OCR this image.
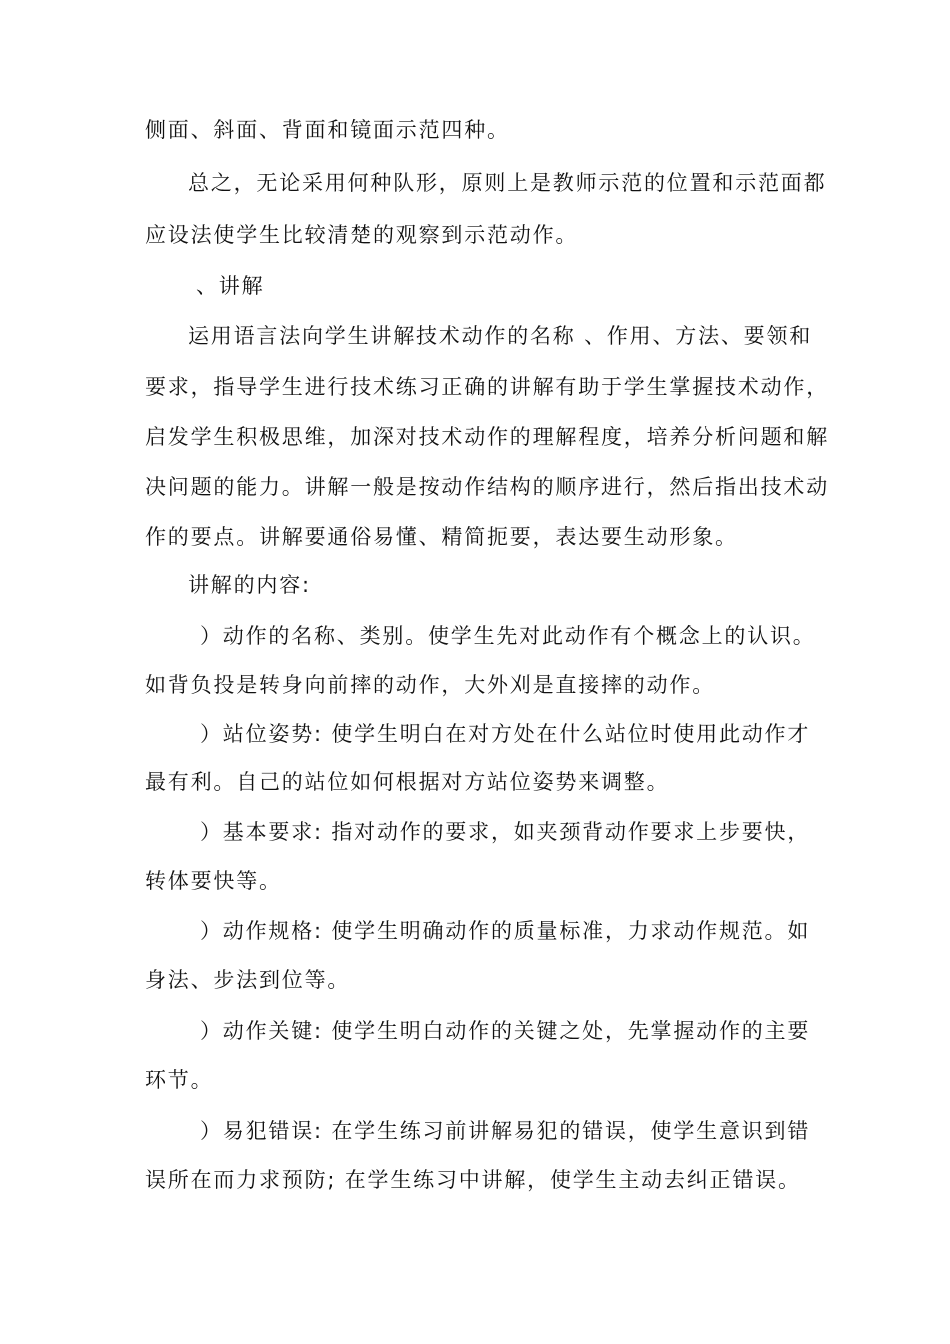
侧面、斜面、背面和镜面示范四种。
总之，无论采用何种队形，原则上是教师示范的位置和示范面都
应设法使学生比较清楚的观察到示范动作。
、讲解
运用语言法向学生讲解技术动作的名称 、作用、方法、要领和
要求，指导学生进行技术练习正确的讲解有助于学生掌握技术动作，
启发学生积极思维，加深对技术动作的理解程度，培养分析问题和解
决问题的能力。讲解一般是按动作结构的顺序进行，然后指出技术动
作的要点。讲解要通俗易懂、精简扼要，表达要生动形象。
讲解的内容:
）动作的名称、类别。使学生先对此动作有个概念上的认识。
如背负投是转身向前摔的动作，大外刈是直接摔的动作。
）站位姿势: 使学生明白在对方处在什么站位时使用此动作才
最有利。自己的站位如何根据对方站位姿势来调整。
）基本要求: 指对动作的要求，如夹颈背动作要求上步要快，
转体要快等。
）动作规格: 使学生明确动作的质量标准，力求动作规范。如
身法、步法到位等。
）动作关键: 使学生明白动作的关键之处，先掌握动作的主要
环节。
）易犯错误: 在学生练习前讲解易犯的错误，使学生意识到错
误所在而力求预防; 在学生练习中讲解，使学生主动去纠正错误。
